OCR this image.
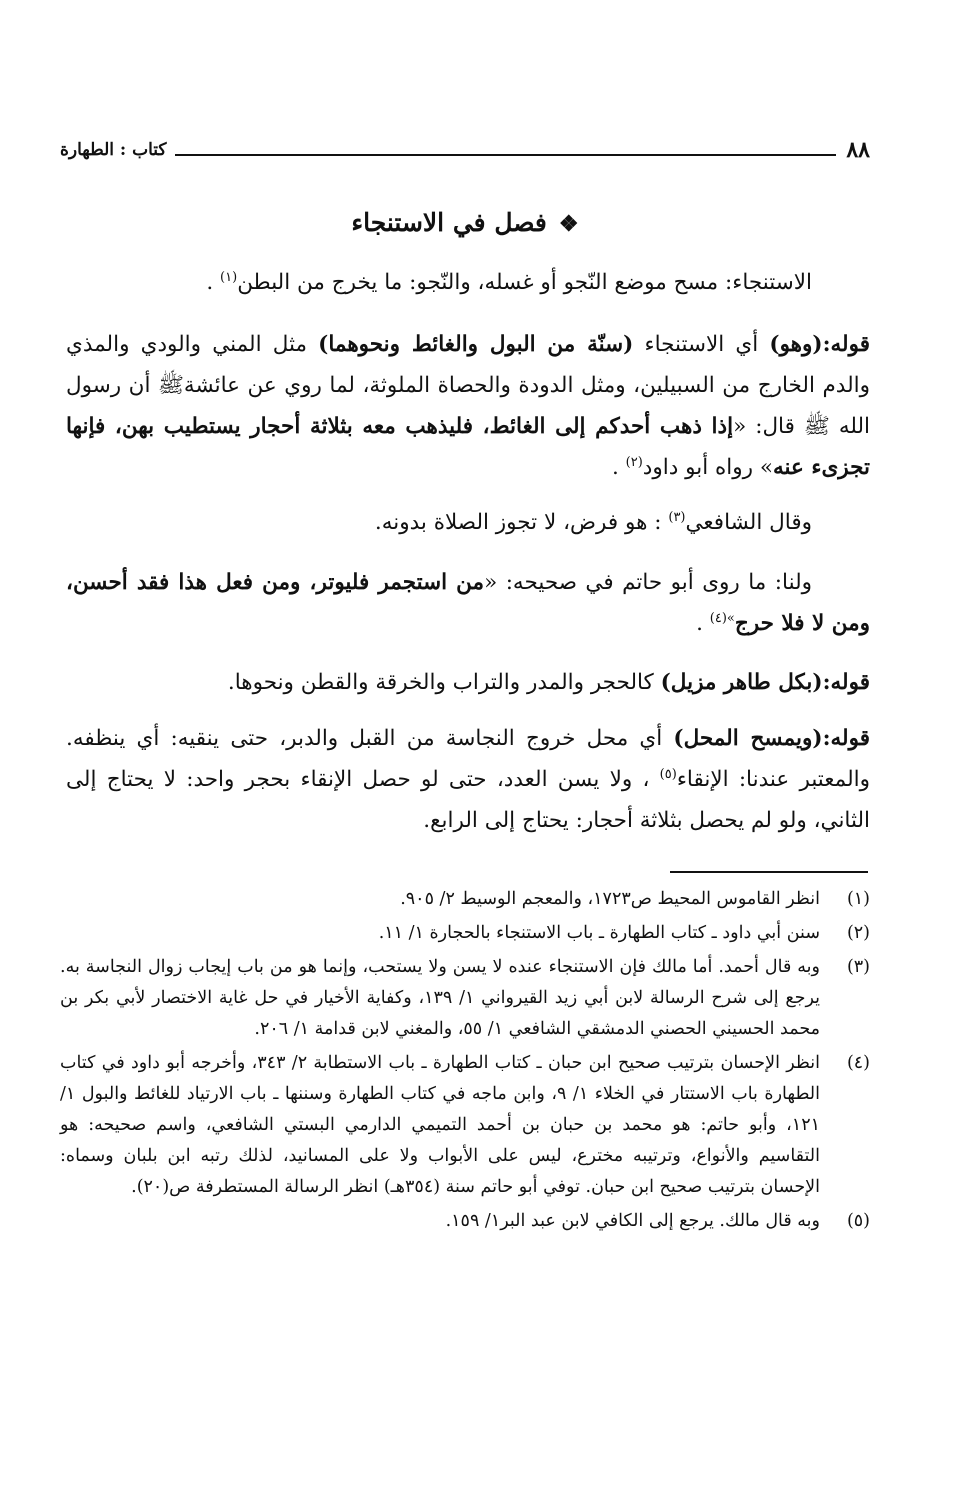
٨٨
كتاب : الطهارة
❖فصل في الاستنجاء
الاستنجاء: مسح موضع النّجو أو غسله، والنّجو: ما يخرج من البطن$^{(١)}$ .
قوله:(وهو) أي الاستنجاء (سنّة من البول والغائط ونحوهما) مثل المني والودي والمذي والدم الخارج من السبيلين، ومثل الدودة والحصاة الملوثة، لما روي عن عائشةﷺ أن رسول الله ﷺ قال: «إذا ذهب أحدكم إلى الغائط، فليذهب معه بثلاثة أحجار يستطيب بهن، فإنها تجزىء عنه» رواه أبو داود$^{(٢)}$ .
وقال الشافعي$^{(٣)}$ : هو فرض، لا تجوز الصلاة بدونه.
ولنا: ما روى أبو حاتم في صحيحه: «من استجمر فليوتر، ومن فعل هذا فقد أحسن، ومن لا فلا حرج$^{»(٤)}$ .
قوله:(بكل طاهر مزيل) كالحجر والمدر والتراب والخرقة والقطن ونحوها.
قوله:(ويمسح المحل) أي محل خروج النجاسة من القبل والدبر، حتى ينقيه: أي ينظفه. والمعتبر عندنا: الإنقاء$^{(٥)}$ ، ولا يسن العدد، حتى لو حصل الإنقاء بحجر واحد: لا يحتاج إلى الثاني، ولو لم يحصل بثلاثة أحجار: يحتاج إلى الرابع.
(١)
انظر القاموس المحيط ص١٧٢٣، والمعجم الوسيط ٢/ ٩٠٥.
(٢)
سنن أبي داود ـ كتاب الطهارة ـ باب الاستنجاء بالحجارة ١/ ١١.
(٣)
وبه قال أحمد. أما مالك فإن الاستنجاء عنده لا يسن ولا يستحب، وإنما هو من باب إيجاب زوال النجاسة به. يرجع إلى شرح الرسالة لابن أبي زيد القيرواني ١/ ١٣٩، وكفاية الأخيار في حل غاية الاختصار لأبي بكر بن محمد الحسيني الحصني الدمشقي الشافعي ١/ ٥٥، والمغني لابن قدامة ١/ ٢٠٦.
(٤)
انظر الإحسان بترتيب صحيح ابن حبان ـ كتاب الطهارة ـ باب الاستطابة ٢/ ٣٤٣، وأخرجه أبو داود في كتاب الطهارة باب الاستتار في الخلاء ١/ ٩، وابن ماجه في كتاب الطهارة وسننها ـ باب الارتياد للغائط والبول ١/ ١٢١، وأبو حاتم: هو محمد بن حبان بن أحمد التميمي الدارمي البستي الشافعي، واسم صحيحه: هو التقاسيم والأنواع، وترتيبه مخترع، ليس على الأبواب ولا على المسانيد، لذلك رتبه ابن بلبان وسماه: الإحسان بترتيب صحيح ابن حبان. توفي أبو حاتم سنة (٣٥٤هـ) انظر الرسالة المستطرفة ص(٢٠).
(٥)
وبه قال مالك. يرجع إلى الكافي لابن عبد البر١/ ١٥٩.
